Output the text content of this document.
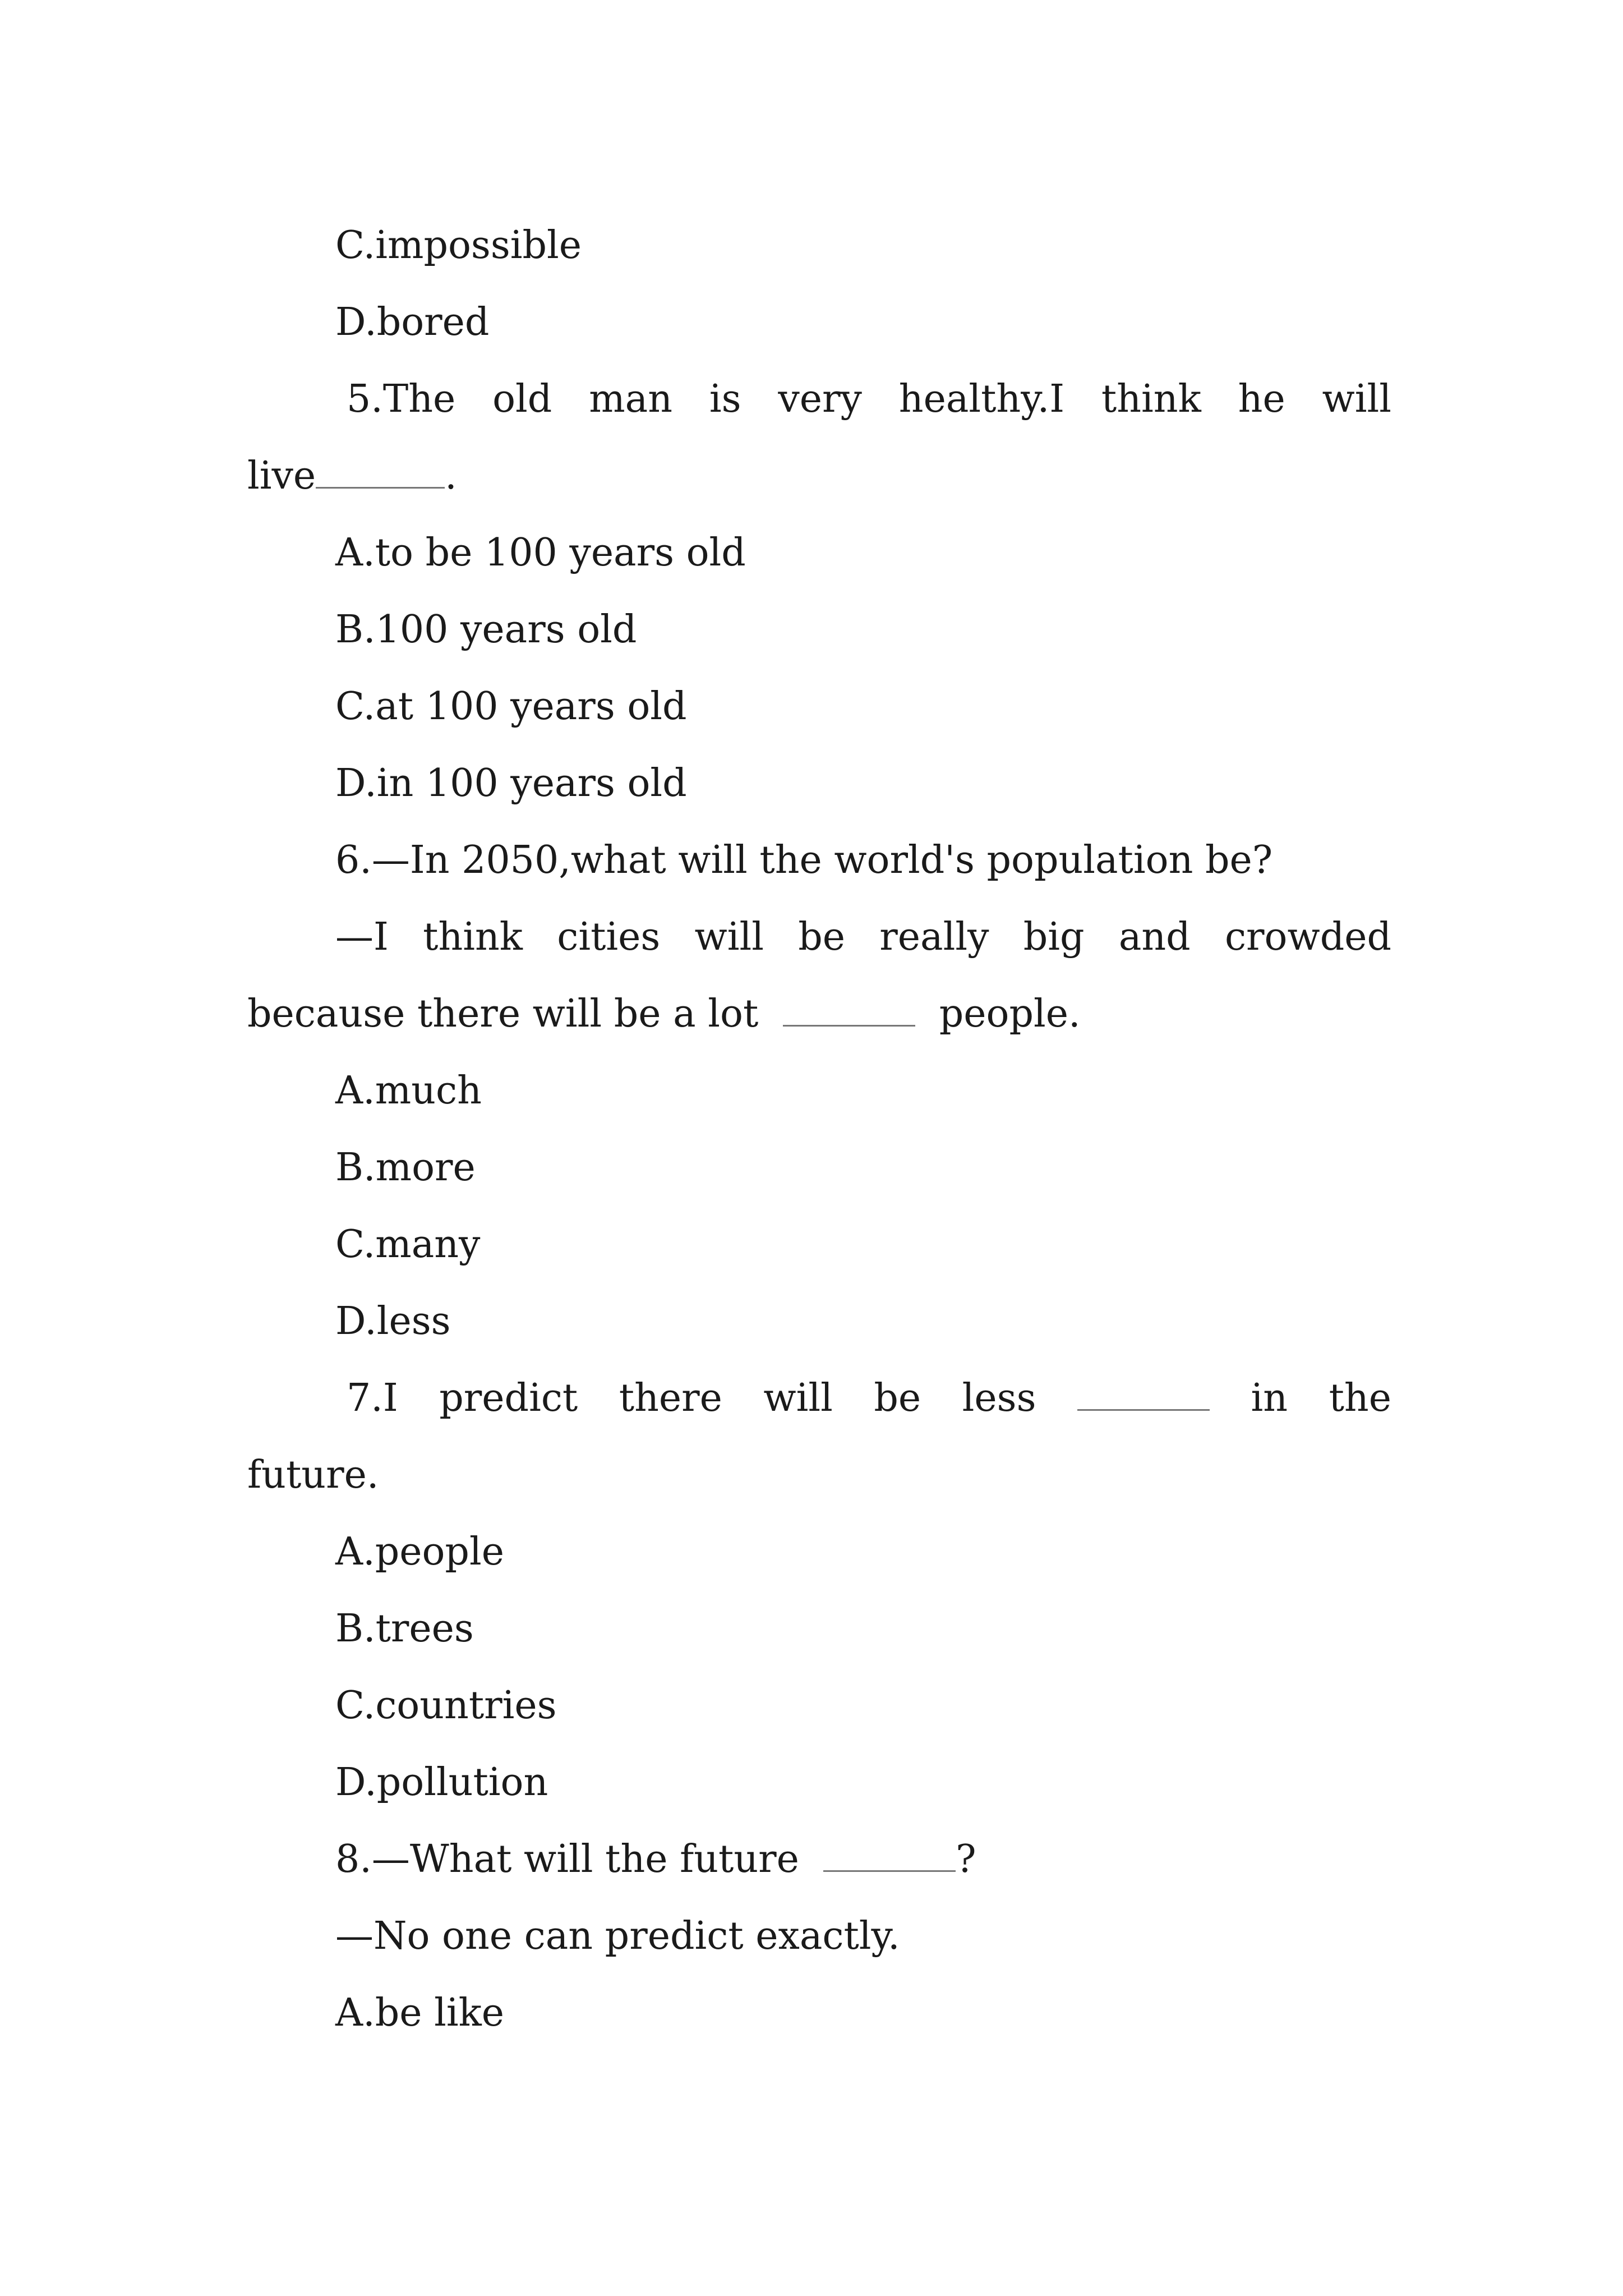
C.impossible
D.bored
5.The old man is very healthy.I think he will
live	.
A.to be 100 years old
B.100 years old
C.at 100 years old
D.in 100 years old
6.—In 2050,what will the world's population be?
—I think cities will be really big and crowded
because there will be a lot	people.
A.much
B.more
C.many
D.less
7.I predict there will be less	in the
future.
A.people
B.trees
C.countries
D.pollution
8.—What will the future	?
—No one can predict exactly.
A.be like
